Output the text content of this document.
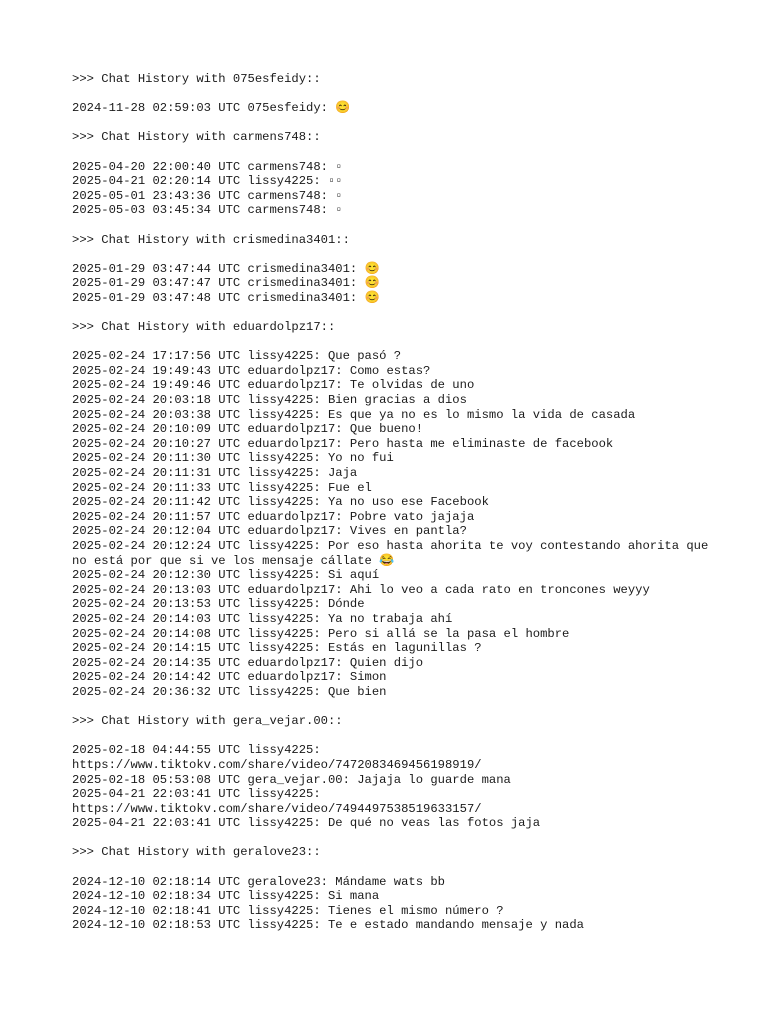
>>> Chat History with 075esfeidy::
2024-11-28 02:59:03 UTC 075esfeidy: 😊
>>> Chat History with carmens748::
2025-04-20 22:00:40 UTC carmens748: ▫
2025-04-21 02:20:14 UTC lissy4225: ▫▫
2025-05-01 23:43:36 UTC carmens748: ▫
2025-05-03 03:45:34 UTC carmens748: ▫
>>> Chat History with crismedina3401::
2025-01-29 03:47:44 UTC crismedina3401: 😊
2025-01-29 03:47:47 UTC crismedina3401: 😊
2025-01-29 03:47:48 UTC crismedina3401: 😊
>>> Chat History with eduardolpz17::
2025-02-24 17:17:56 UTC lissy4225: Que pasó ?
2025-02-24 19:49:43 UTC eduardolpz17: Como estas?
2025-02-24 19:49:46 UTC eduardolpz17: Te olvidas de uno
2025-02-24 20:03:18 UTC lissy4225: Bien gracias a dios
2025-02-24 20:03:38 UTC lissy4225: Es que ya no es lo mismo la vida de casada
2025-02-24 20:10:09 UTC eduardolpz17: Que bueno!
2025-02-24 20:10:27 UTC eduardolpz17: Pero hasta me eliminaste de facebook
2025-02-24 20:11:30 UTC lissy4225: Yo no fui
2025-02-24 20:11:31 UTC lissy4225: Jaja
2025-02-24 20:11:33 UTC lissy4225: Fue el
2025-02-24 20:11:42 UTC lissy4225: Ya no uso ese Facebook
2025-02-24 20:11:57 UTC eduardolpz17: Pobre vato jajaja
2025-02-24 20:12:04 UTC eduardolpz17: Vives en pantla?
2025-02-24 20:12:24 UTC lissy4225: Por eso hasta ahorita te voy contestando ahorita que no está por que si ve los mensaje cállate 😂
2025-02-24 20:12:30 UTC lissy4225: Si aquí
2025-02-24 20:13:03 UTC eduardolpz17: Ahi lo veo a cada rato en troncones weyyy
2025-02-24 20:13:53 UTC lissy4225: Dónde
2025-02-24 20:14:03 UTC lissy4225: Ya no trabaja ahí
2025-02-24 20:14:08 UTC lissy4225: Pero si allá se la pasa el hombre
2025-02-24 20:14:15 UTC lissy4225: Estás en lagunillas ?
2025-02-24 20:14:35 UTC eduardolpz17: Quien dijo
2025-02-24 20:14:42 UTC eduardolpz17: Simon
2025-02-24 20:36:32 UTC lissy4225: Que bien
>>> Chat History with gera_vejar.00::
2025-02-18 04:44:55 UTC lissy4225:
https://www.tiktokv.com/share/video/7472083469456198919/
2025-02-18 05:53:08 UTC gera_vejar.00: Jajaja lo guarde mana
2025-04-21 22:03:41 UTC lissy4225:
https://www.tiktokv.com/share/video/7494497538519633157/
2025-04-21 22:03:41 UTC lissy4225: De qué no veas las fotos jaja
>>> Chat History with geralove23::
2024-12-10 02:18:14 UTC geralove23: Mándame wats bb
2024-12-10 02:18:34 UTC lissy4225: Si mana
2024-12-10 02:18:41 UTC lissy4225: Tienes el mismo número ?
2024-12-10 02:18:53 UTC lissy4225: Te e estado mandando mensaje y nada
